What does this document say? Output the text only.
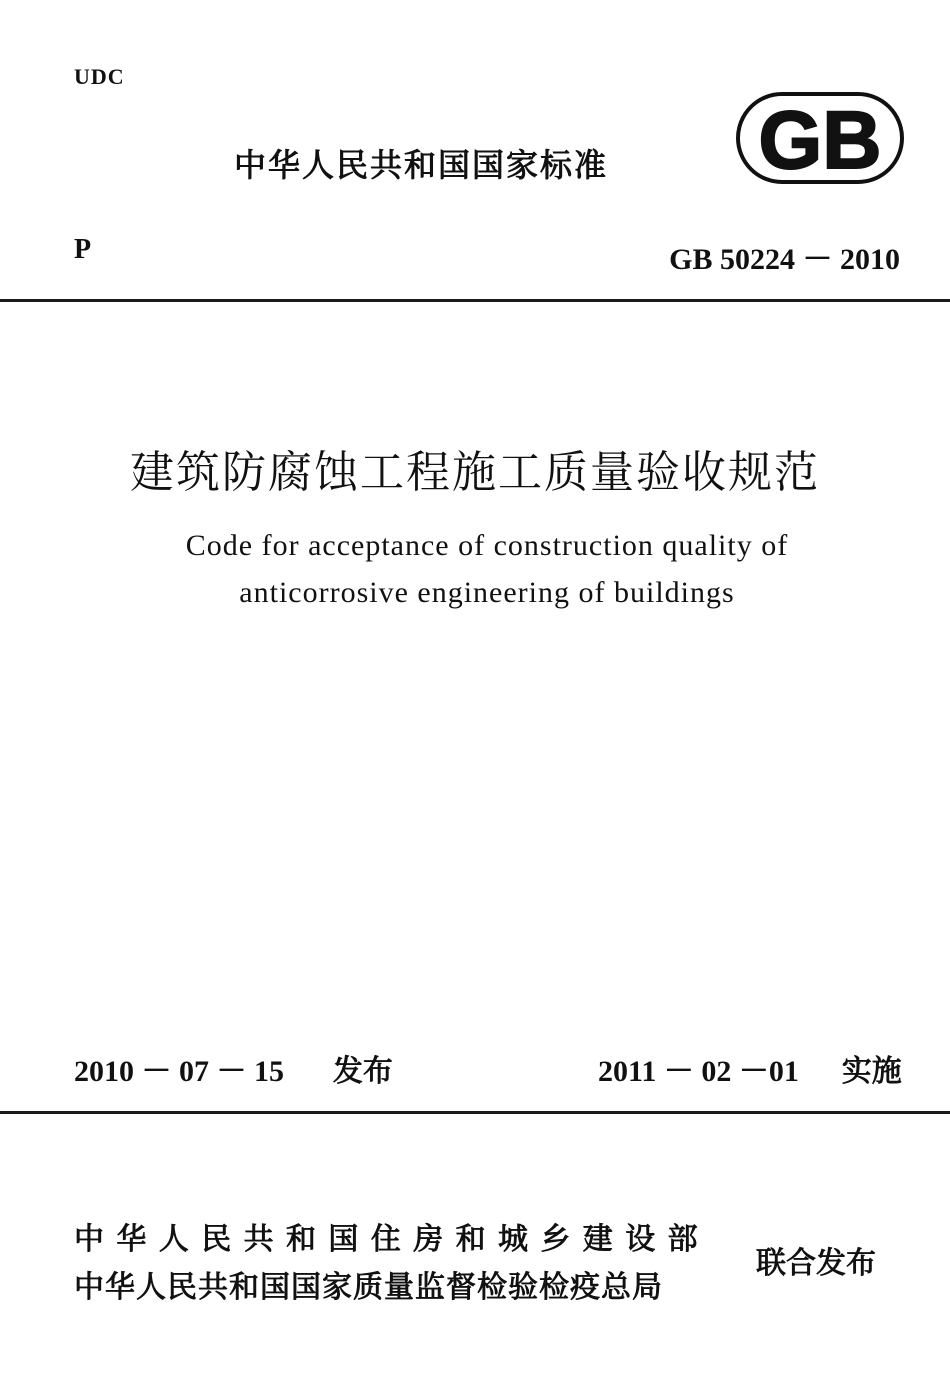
UDC
中华人民共和国国家标准 GB
P	GB 50224 － 2010
建筑防腐蚀工程施工质量验收规范
Code for acceptance of construction quality of
anticorrosive engineering of buildings
2010 － 07 － 15 发布	2011 － 02 －01 实施
中华人民共和国住房和城乡建设部
中华人民共和国国家质量监督检验检疫总局
联合发布
